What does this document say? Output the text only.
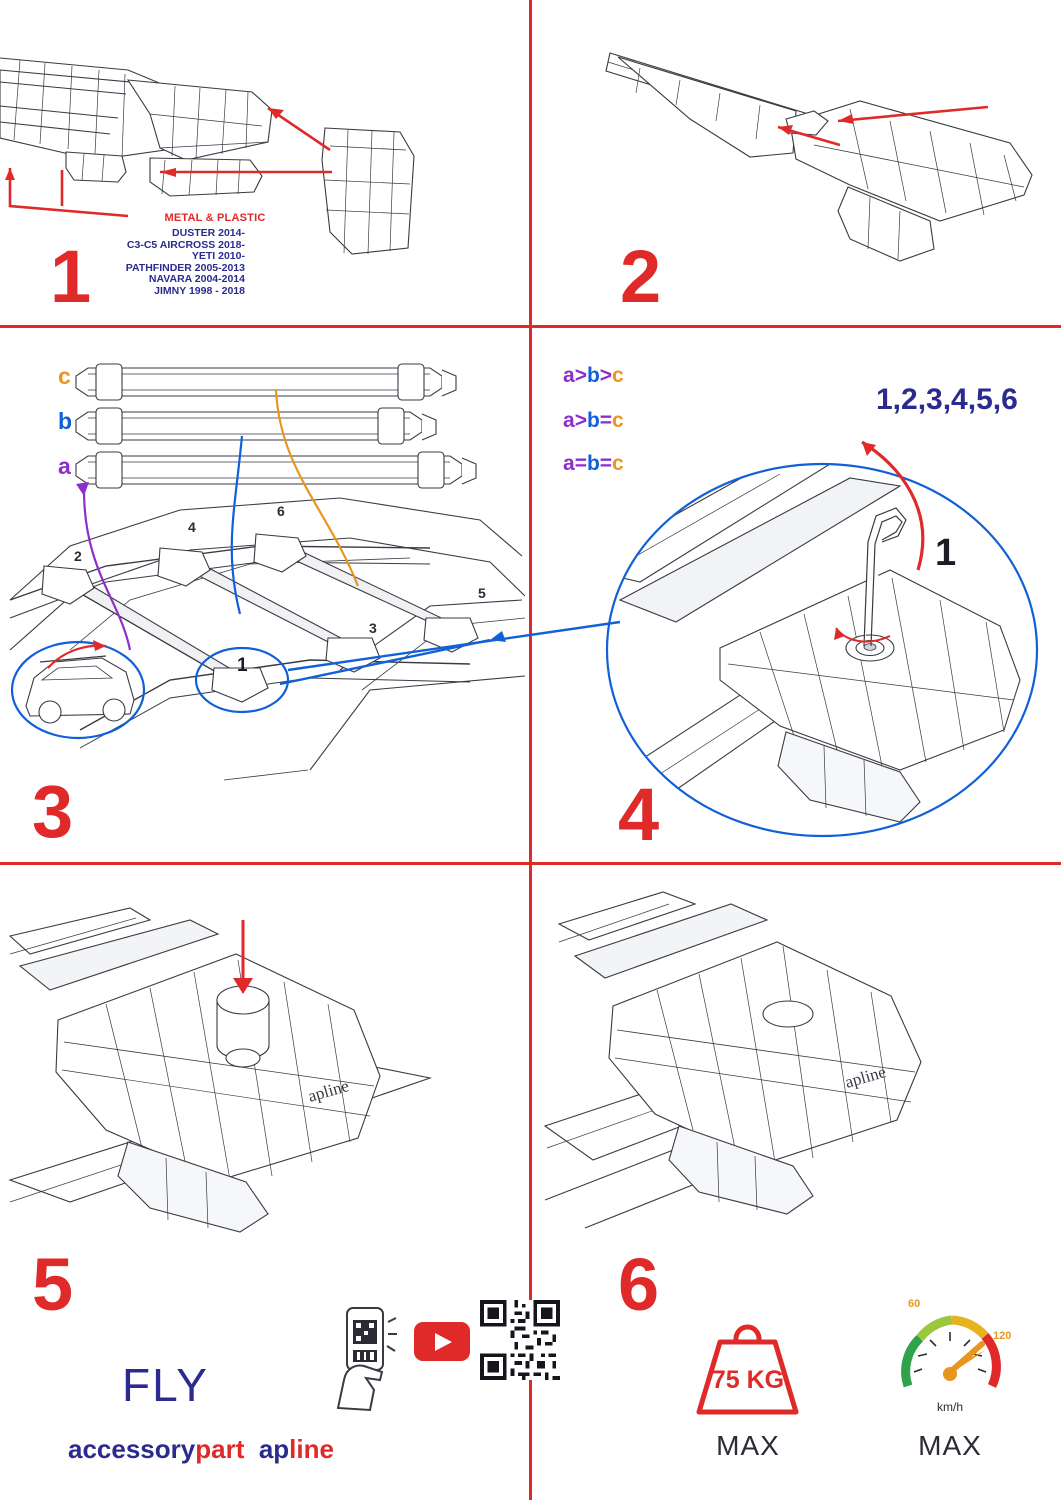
METAL & PLASTIC
DUSTER 2014-
C3-C5 AIRCROSS 2018-
YETI 2010-
PATHFINDER 2005-2013
NAVARA 2004-2014
JIMNY 1998 - 2018
1	2
c
b
a
a>b>c
a>b=c
a=b=c
2
3
4
5
6
1
3
1,2,3,4,5,6
1
4
apline
5
apline
6
FLY
accessorypart apline
75 KG
MAX
60
120
km/h
MAX
